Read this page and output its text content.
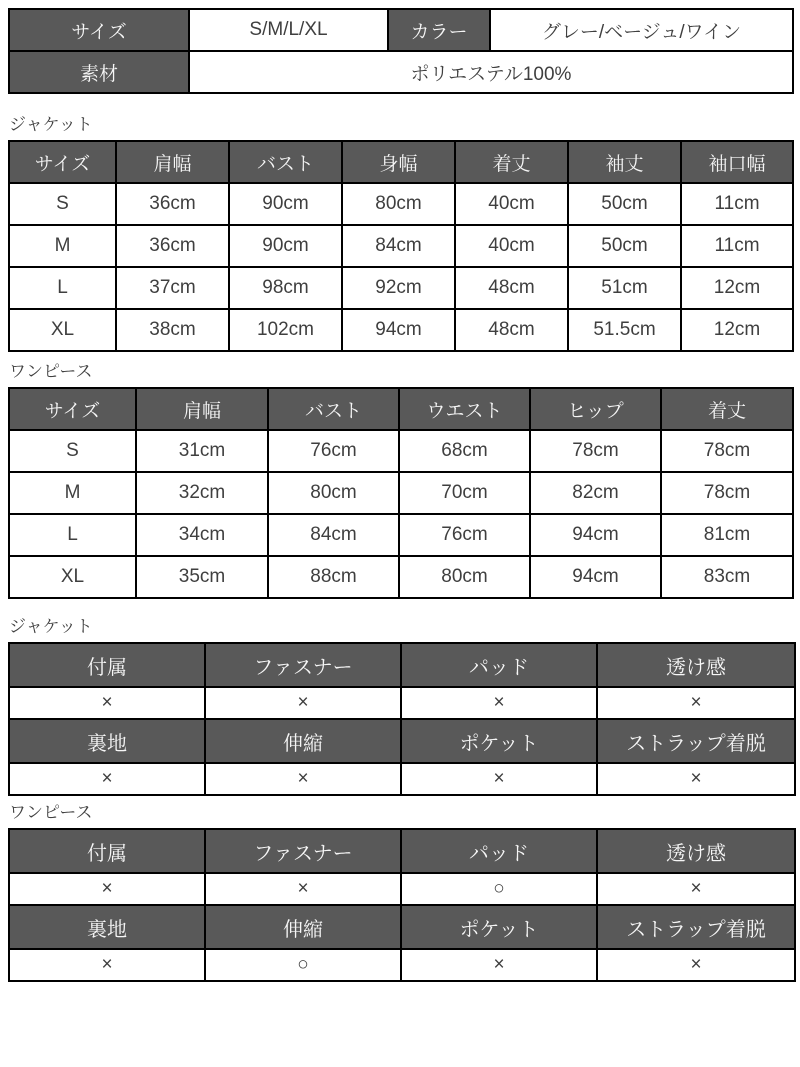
サイズ	S/M/L/XL	カラー	グレー/ベージュ/ワイン
素材	ポリエステル100%		
ジャケット
サイズ	肩幅	バスト	身幅	着丈	袖丈	袖口幅
S	36cm	90cm	80cm	40cm	50cm	11cm
M	36cm	90cm	84cm	40cm	50cm	11cm
L	37cm	98cm	92cm	48cm	51cm	12cm
XL	38cm	102cm	94cm	48cm	51.5cm	12cm
ワンピース
サイズ	肩幅	バスト	ウエスト	ヒップ	着丈
S	31cm	76cm	68cm	78cm	78cm
M	32cm	80cm	70cm	82cm	78cm
L	34cm	84cm	76cm	94cm	81cm
XL	35cm	88cm	80cm	94cm	83cm
ジャケット
付属	ファスナー	パッド	透け感
×	×	×	×
裏地	伸縮	ポケット	ストラップ着脱
×	×	×	×
ワンピース
付属	ファスナー	パッド	透け感
×	×	○	×
裏地	伸縮	ポケット	ストラップ着脱
×	○	×	×
